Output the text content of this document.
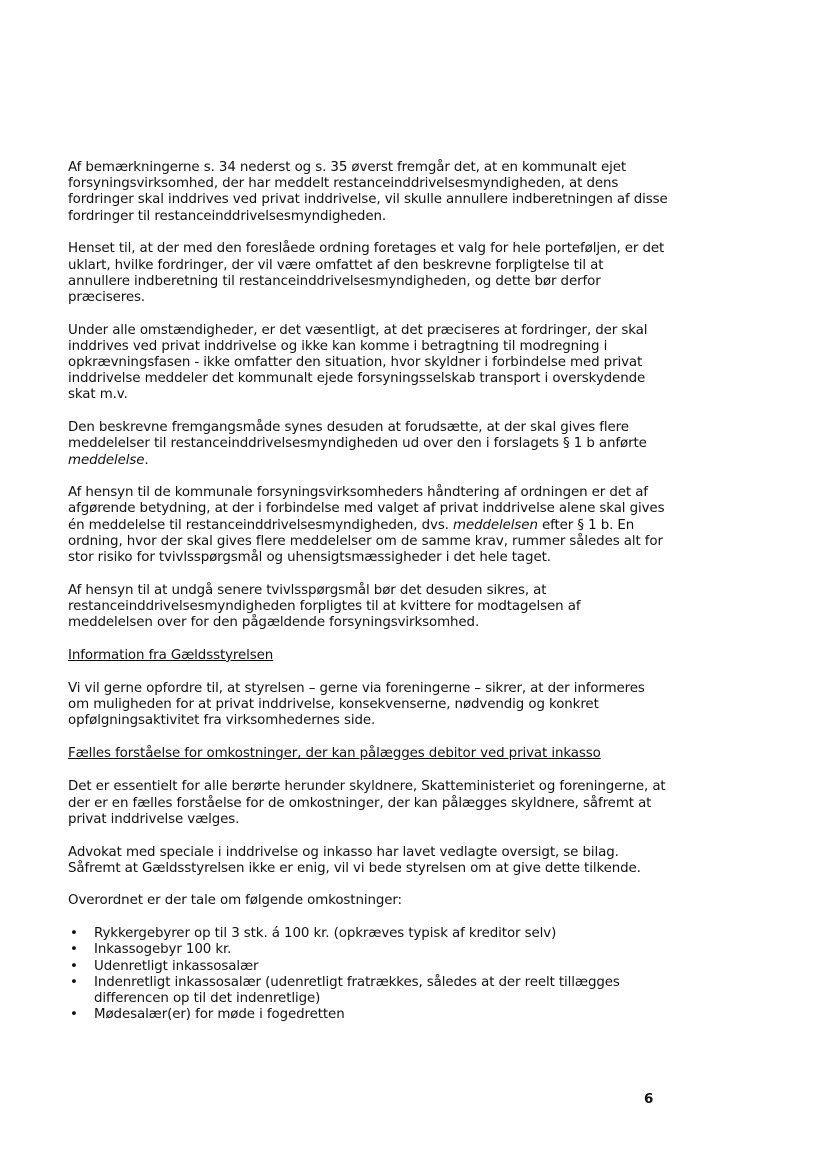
Af bemærkningerne s. 34 nederst og s. 35 øverst fremgår det, at en kommunalt ejet forsyningsvirksomhed, der har meddelt restanceinddrivelsesmyndigheden, at dens fordringer skal inddrives ved privat inddrivelse, vil skulle annullere indberetningen af disse fordringer til restanceinddrivelsesmyndigheden.

Henset til, at der med den foreslåede ordning foretages et valg for hele porteføljen, er det uklart, hvilke fordringer, der vil være omfattet af den beskrevne forpligtelse til at annullere indberetning til restanceinddrivelsesmyndigheden, og dette bør derfor præciseres.

Under alle omstændigheder, er det væsentligt, at det præciseres at fordringer, der skal inddrives ved privat inddrivelse og ikke kan komme i betragtning til modregning i opkrævningsfasen - ikke omfatter den situation, hvor skyldner i forbindelse med privat inddrivelse meddeler det kommunalt ejede forsyningsselskab transport i overskydende skat m.v.

Den beskrevne fremgangsmåde synes desuden at forudsætte, at der skal gives flere meddelelser til restanceinddrivelsesmyndigheden ud over den i forslagets § 1 b anførte meddelelse.

Af hensyn til de kommunale forsyningsvirksomheders håndtering af ordningen er det af afgørende betydning, at der i forbindelse med valget af privat inddrivelse alene skal gives én meddelelse til restanceinddrivelsesmyndigheden, dvs. meddelelsen efter § 1 b. En ordning, hvor der skal gives flere meddelelser om de samme krav, rummer således alt for stor risiko for tvivlsspørgsmål og uhensigtsmæssigheder i det hele taget.

Af hensyn til at undgå senere tvivlsspørgsmål bør det desuden sikres, at restanceinddrivelsesmyndigheden forpligtes til at kvittere for modtagelsen af meddelelsen over for den pågældende forsyningsvirksomhed.

Information fra Gældsstyrelsen

Vi vil gerne opfordre til, at styrelsen – gerne via foreningerne – sikrer, at der informeres om muligheden for at privat inddrivelse, konsekvenserne, nødvendig og konkret opfølgningsaktivitet fra virksomhedernes side.

Fælles forståelse for omkostninger, der kan pålægges debitor ved privat inkasso

Det er essentielt for alle berørte herunder skyldnere, Skatteministeriet og foreningerne, at der er en fælles forståelse for de omkostninger, der kan pålægges skyldnere, såfremt at privat inddrivelse vælges.

Advokat med speciale i inddrivelse og inkasso har lavet vedlagte oversigt, se bilag. Såfremt at Gældsstyrelsen ikke er enig, vil vi bede styrelsen om at give dette tilkende.

Overordnet er der tale om følgende omkostninger:

• Rykkergebyrer op til 3 stk. á 100 kr. (opkræves typisk af kreditor selv)
• Inkassogebyr 100 kr.
• Udenretligt inkassosalær
• Indenretligt inkassosalær (udenretligt fratrækkes, således at der reelt tillægges differencen op til det indenretlige)
• Mødesalær(er) for møde i fogedretten
6
